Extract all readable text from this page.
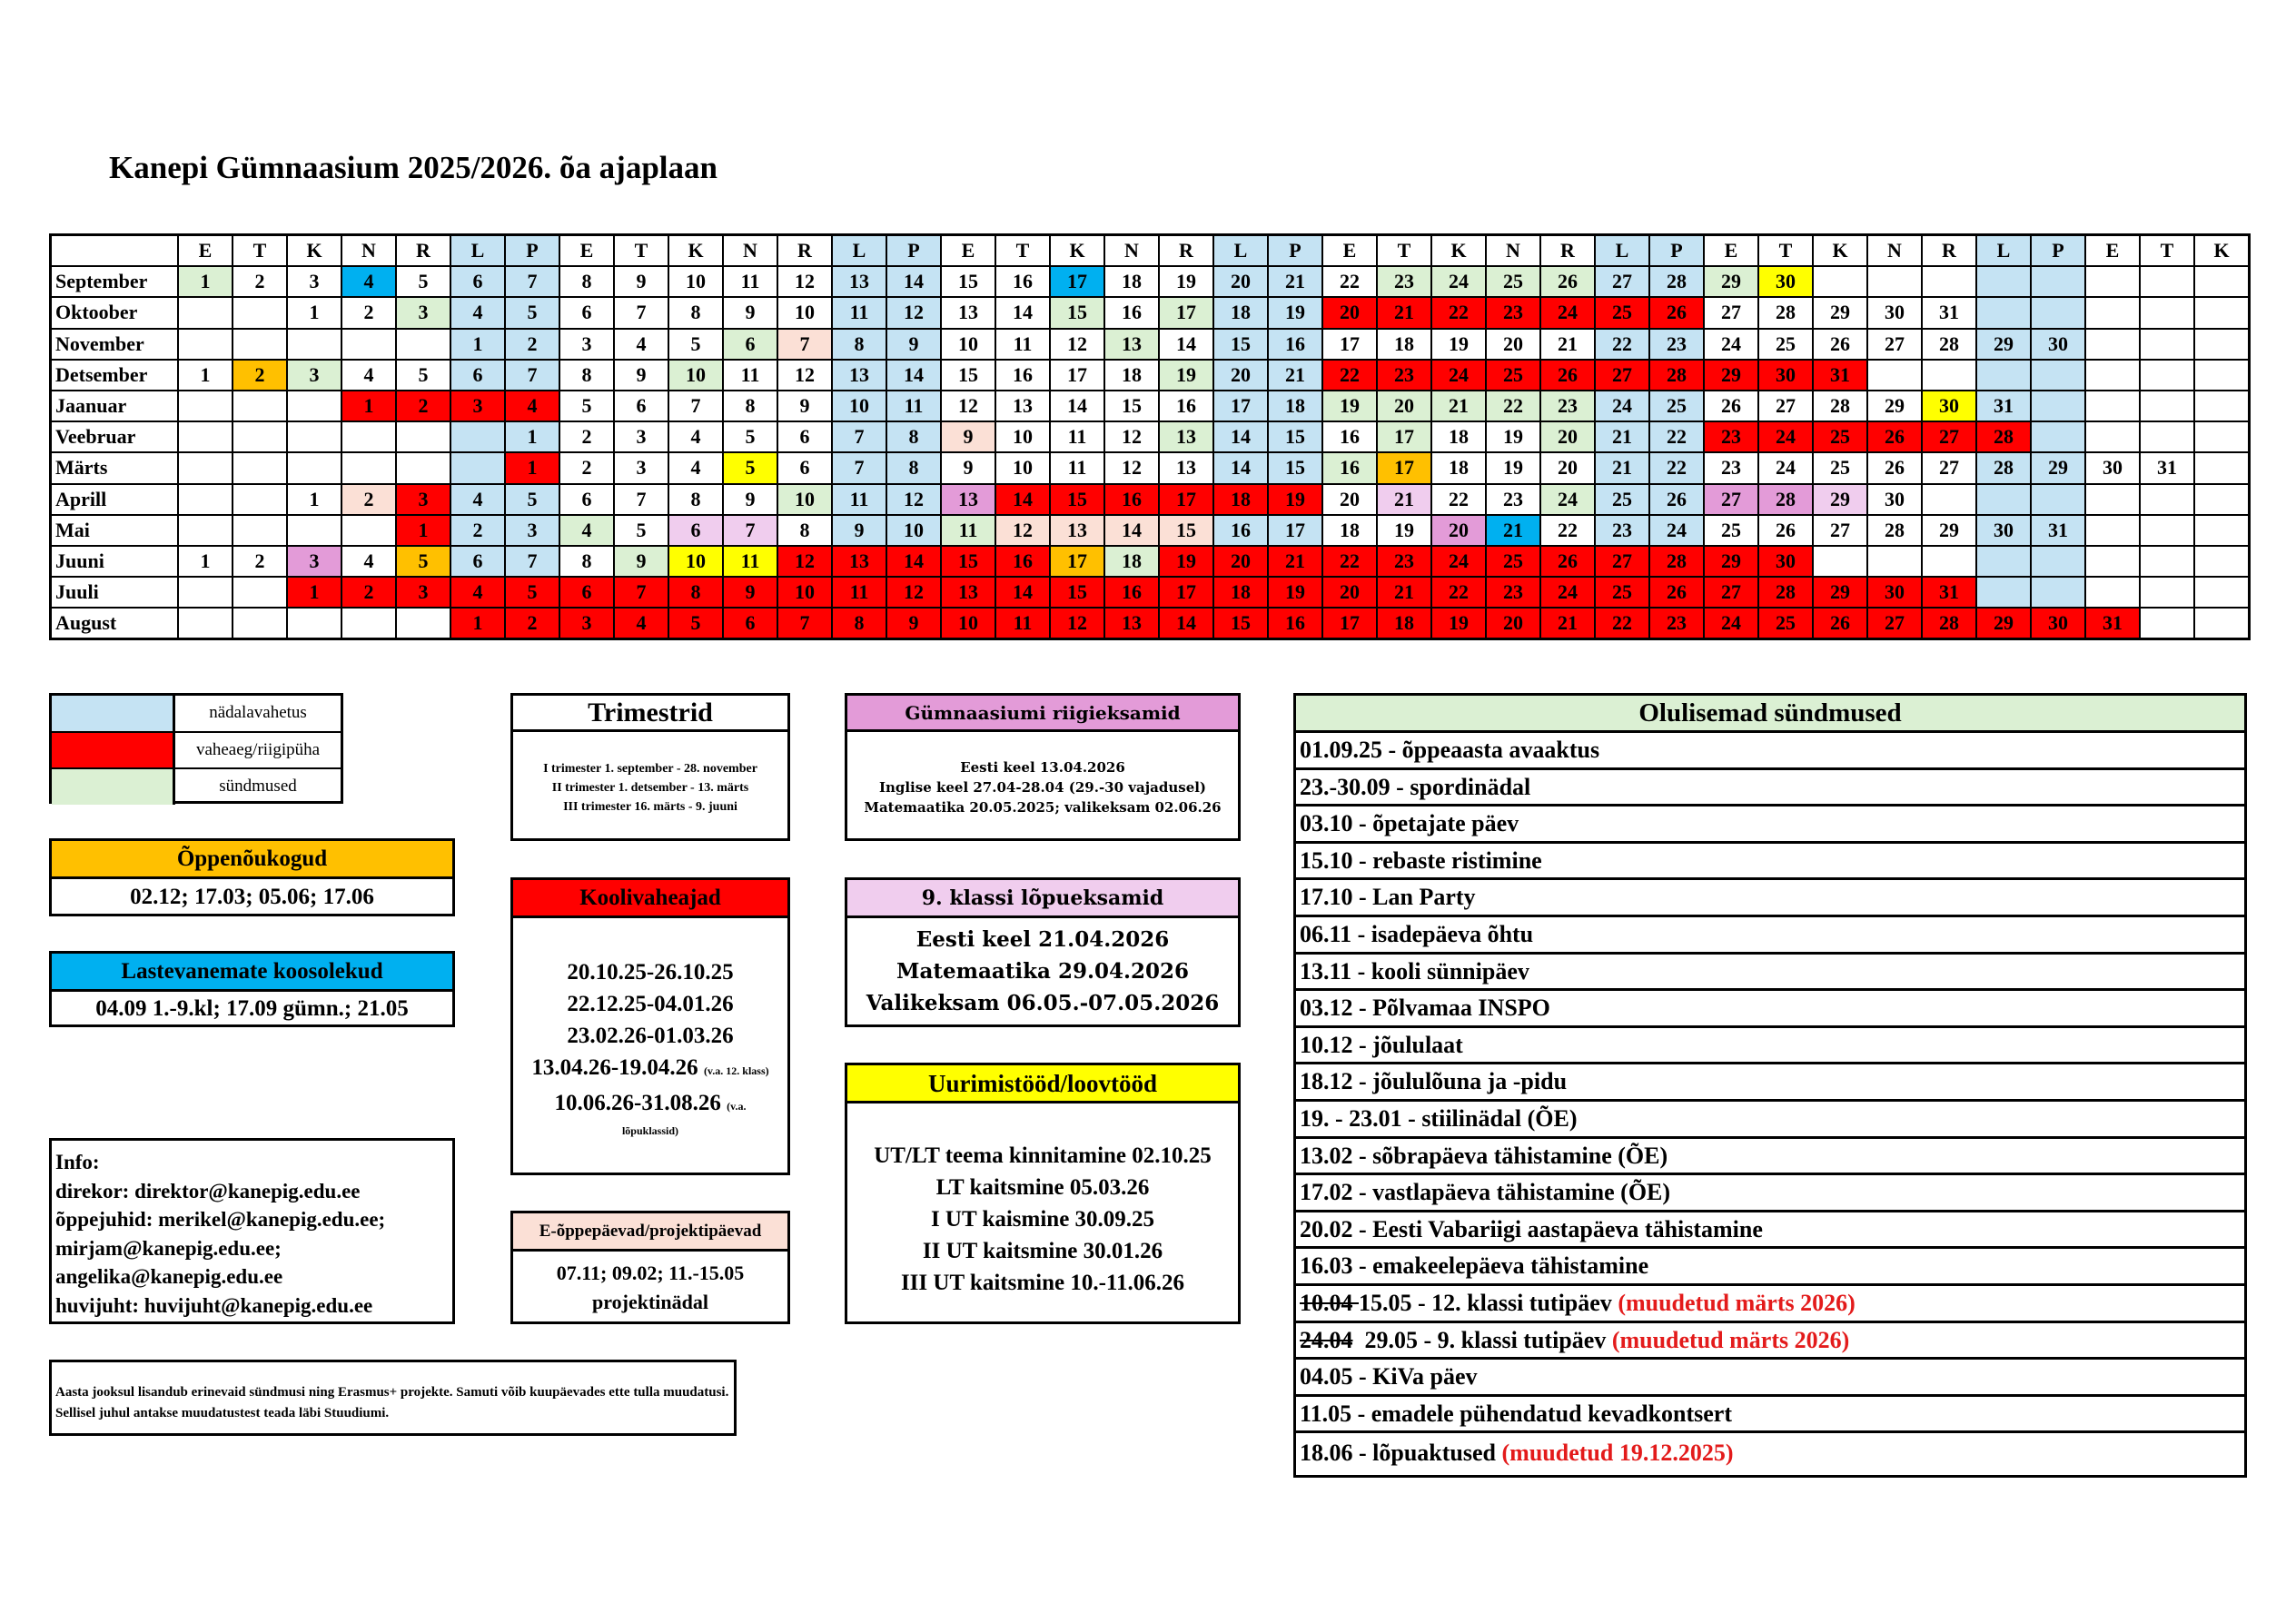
Kanepi Gümnaasium 2025/2026. õa ajaplaan
	E	T	K	N	R	L	P	E	T	K	N	R	L	P	E	T	K	N	R	L	P	E	T	K	N	R	L	P	E	T	K	N	R	L	P	E	T	K
September	1	2	3	4	5	6	7	8	9	10	11	12	13	14	15	16	17	18	19	20	21	22	23	24	25	26	27	28	29	30								
Oktoober			1	2	3	4	5	6	7	8	9	10	11	12	13	14	15	16	17	18	19	20	21	22	23	24	25	26	27	28	29	30	31					
November						1	2	3	4	5	6	7	8	9	10	11	12	13	14	15	16	17	18	19	20	21	22	23	24	25	26	27	28	29	30			
Detsember	1	2	3	4	5	6	7	8	9	10	11	12	13	14	15	16	17	18	19	20	21	22	23	24	25	26	27	28	29	30	31							
Jaanuar				1	2	3	4	5	6	7	8	9	10	11	12	13	14	15	16	17	18	19	20	21	22	23	24	25	26	27	28	29	30	31				
Veebruar							1	2	3	4	5	6	7	8	9	10	11	12	13	14	15	16	17	18	19	20	21	22	23	24	25	26	27	28				
Märts							1	2	3	4	5	6	7	8	9	10	11	12	13	14	15	16	17	18	19	20	21	22	23	24	25	26	27	28	29	30	31	
Aprill			1	2	3	4	5	6	7	8	9	10	11	12	13	14	15	16	17	18	19	20	21	22	23	24	25	26	27	28	29	30						
Mai					1	2	3	4	5	6	7	8	9	10	11	12	13	14	15	16	17	18	19	20	21	22	23	24	25	26	27	28	29	30	31			
Juuni	1	2	3	4	5	6	7	8	9	10	11	12	13	14	15	16	17	18	19	20	21	22	23	24	25	26	27	28	29	30								
Juuli			1	2	3	4	5	6	7	8	9	10	11	12	13	14	15	16	17	18	19	20	21	22	23	24	25	26	27	28	29	30	31					
August						1	2	3	4	5	6	7	8	9	10	11	12	13	14	15	16	17	18	19	20	21	22	23	24	25	26	27	28	29	30	31		
nädalavahetus
vaheaeg/riigipüha
sündmused
Trimestrid
I trimester 1. september - 28. november
II trimester 1. detsember - 13. märts
III trimester 16. märts - 9. juuni
Gümnaasiumi riigieksamid
Eesti keel 13.04.2026
Inglise keel 27.04-28.04 (29.-30 vajadusel)
Matemaatika 20.05.2025; valikeksam 02.06.26
Õppenõukogud
02.12; 17.03; 05.06; 17.06	Koolivaheajad
20.10.25-26.10.25
22.12.25-04.01.26
23.02.26-01.03.26
13.04.26-19.04.26 (v.a. 12. klass)
10.06.26-31.08.26 (v.a.
lõpuklassid)
9. klassi lõpueksamid
Eesti keel 21.04.2026
Matemaatika 29.04.2026
Valikeksam 06.05.-07.05.2026
Lastevanemate koosolekud
04.09 1.-9.kl; 17.09 gümn.; 21.05
Uurimistööd/loovtööd
UT/LT teema kinnitamine 02.10.25
LT kaitsmine 05.03.26
I UT kaismine 30.09.25
II UT kaitsmine 30.01.26
III UT kaitsmine 10.-11.06.26
Info:
direkor: direktor@kanepig.edu.ee
õppejuhid: merikel@kanepig.edu.ee;
mirjam@kanepig.edu.ee;
angelika@kanepig.edu.ee
huvijuht: huvijuht@kanepig.edu.ee
E-õppepäevad/projektipäevad
07.11; 09.02; 11.-15.05
projektinädal
Aasta jooksul lisandub erinevaid sündmusi ning Erasmus+ projekte. Samuti võib kuupäevades ette tulla muudatusi. Sellisel juhul antakse muudatustest teada läbi Stuudiumi.
Olulisemad sündmused
01.09.25 - õppeaasta avaaktus
23.-30.09 - spordinädal
03.10 - õpetajate päev
15.10 - rebaste ristimine
17.10 - Lan Party
06.11 - isadepäeva õhtu
13.11 - kooli sünnipäev
03.12 - Põlvamaa INSPO
10.12 - jõululaat
18.12 - jõululõuna ja -pidu
19. - 23.01 - stiilinädal (ÕE)
13.02 - sõbrapäeva tähistamine (ÕE)
17.02 - vastlapäeva tähistamine (ÕE)
20.02 - Eesti Vabariigi aastapäeva tähistamine
16.03 - emakeelepäeva tähistamine
10.04 15.05 - 12. klassi tutipäev (muudetud märts 2026)
24.04  29.05 - 9. klassi tutipäev (muudetud märts 2026)
04.05 - KiVa päev
11.05 - emadele pühendatud kevadkontsert
18.06 - lõpuaktused (muudetud 19.12.2025)
